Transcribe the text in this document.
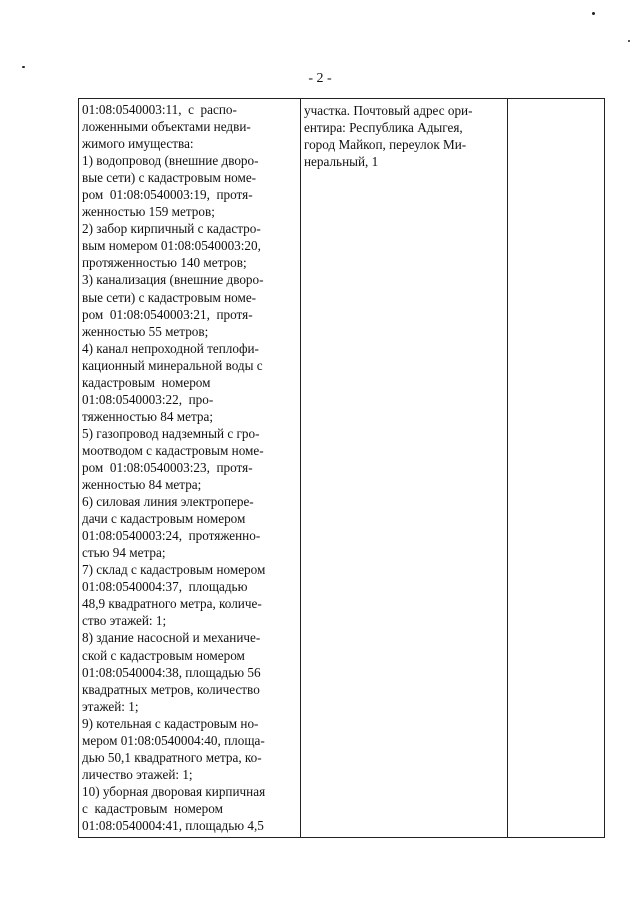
- 2 -
01:08:0540003:11,  с  распо-
ложенными объектами недви-
жимого имущества:
1) водопровод (внешние дворо-
вые сети) с кадастровым номе-
ром  01:08:0540003:19,  протя-
женностью 159 метров;
2) забор кирпичный с кадастро-
вым номером 01:08:0540003:20,
протяженностью 140 метров;
3) канализация (внешние дворо-
вые сети) с кадастровым номе-
ром  01:08:0540003:21,  протя-
женностью 55 метров;
4) канал непроходной теплофи-
кационный минеральной воды с
кадастровым  номером
01:08:0540003:22,  про-
тяженностью 84 метра;
5) газопровод надземный с гро-
моотводом с кадастровым номе-
ром  01:08:0540003:23,  протя-
женностью 84 метра;
6) силовая линия электропере-
дачи с кадастровым номером
01:08:0540003:24,  протяженно-
стью 94 метра;
7) склад с кадастровым номером
01:08:0540004:37,  площадью
48,9 квадратного метра, количе-
ство этажей: 1;
8) здание насосной и механиче-
ской с кадастровым номером
01:08:0540004:38, площадью 56
квадратных метров, количество
этажей: 1;
9) котельная с кадастровым но-
мером 01:08:0540004:40, площа-
дью 50,1 квадратного метра, ко-
личество этажей: 1;
10) уборная дворовая кирпичная
с  кадастровым  номером
01:08:0540004:41, площадью 4,5
участка. Почтовый адрес ори-
ентира: Республика Адыгея,
город Майкоп, переулок Ми-
неральный, 1
